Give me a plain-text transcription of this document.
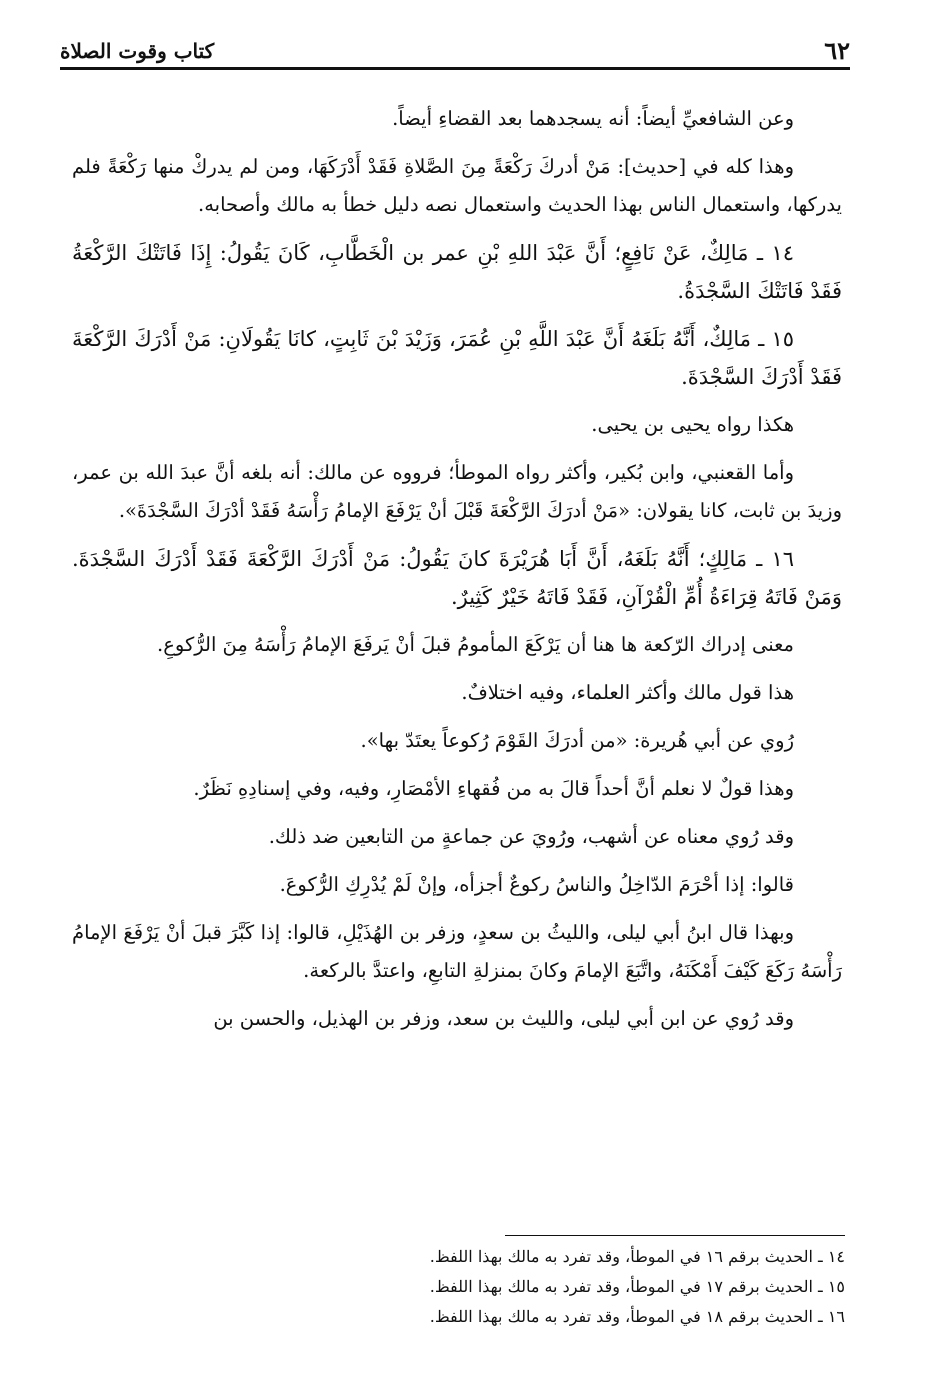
٦٢
كتاب وقوت الصلاة

وعن الشافعيِّ أيضاً: أنه يسجدهما بعد القضاءِ أيضاً.

وهذا كله في [حديث]: مَنْ أدركَ رَكْعَةً مِنَ الصَّلاةِ فَقَدْ أَدْرَكَهَا، ومن لم يدركْ منها رَكْعَةً فلم يدركها، واستعمال الناس بهذا الحديث واستعمال نصه دليل خطأ به مالك وأصحابه.

١٤ ـ مَالِكٌ، عَنْ نَافِعٍ؛ أَنَّ عَبْدَ اللهِ بْنِ عمر بن الْخَطَّابِ، كَانَ يَقُولُ: إِذَا فَاتَتْكَ الرَّكْعَةُ فَقَدْ فَاتَتْكَ السَّجْدَةُ.

١٥ ـ مَالِكٌ، أَنَّهُ بَلَغَهُ أَنَّ عَبْدَ اللَّهِ بْنِ عُمَرَ، وَزَيْدَ بْنَ ثَابِتٍ، كانَا يَقُولَانِ: مَنْ أَدْرَكَ الرَّكْعَةَ فَقَدْ أَدْرَكَ السَّجْدَةَ.

هكذا رواه يحيى بن يحيى.

وأما القعنبي، وابن بُكير، وأكثر رواه الموطأ؛ فرووه عن مالك: أنه بلغه أنَّ عبدَ الله بن عمر، وزيدَ بن ثابت، كانا يقولان: «مَنْ أدرَكَ الرَّكْعَةَ قَبْلَ أنْ يَرْفَعَ الإمامُ رَأْسَهُ فَقَدْ أدْرَكَ السَّجْدَةَ».

١٦ ـ مَالِكٍ؛ أَنَّهُ بَلَغَهُ، أَنَّ أَبَا هُرَيْرَةَ كانَ يَقُولُ: مَنْ أَدْرَكَ الرَّكْعَةَ فَقَدْ أَدْرَكَ السَّجْدَةَ. وَمَنْ فَاتَهُ قِرَاءَةُ أُمِّ الْقُرْآنِ، فَقَدْ فَاتَهُ خَيْرٌ كَثِيرٌ.

معنى إدراك الرّكعة ها هنا أن يَرْكَعَ المأمومُ قبلَ أنْ يَرفَعَ الإمامُ رَأْسَهُ مِنَ الرُّكوعِ.

هذا قول مالك وأكثر العلماء، وفيه اختلافٌ.

رُوي عن أبي هُريرة: «من أدرَكَ القَوْمَ رُكوعاً يعتَدّ بها».

وهذا قولٌ لا نعلم أنَّ أحداً قالَ به من فُقهاءِ الأمْصَارِ، وفيه، وفي إسنادِهِ نَظَرٌ.

وقد رُوي معناه عن أشهب، ورُويَ عن جماعةٍ من التابعين ضد ذلك.

قالوا: إذا أحْرَمَ الدّاخِلُ والناسُ ركوعٌ أجزأه، وإنْ لَمْ يُدْرِكِ الرُّكوعَ.

وبهذا قال ابنُ أبي ليلى، والليثُ بن سعدٍ، وزفر بن الهُذَيْلِ، قالوا: إذا كَبَّرَ قبلَ أنْ يَرْفَعَ الإمامُ رَأْسَهُ رَكَعَ كَيْفَ أَمْكَنَهُ، واتَّبَعَ الإمامَ وكانَ بمنزلةِ التابعِ، واعتدَّ بالركعة.

وقد رُوي عن ابن أبي ليلى، والليث بن سعد، وزفر بن الهذيل، والحسن بن

١٤ ـ الحديث برقم ١٦ في الموطأ، وقد تفرد به مالك بهذا اللفظ.

١٥ ـ الحديث برقم ١٧ في الموطأ، وقد تفرد به مالك بهذا اللفظ.

١٦ ـ الحديث برقم ١٨ في الموطأ، وقد تفرد به مالك بهذا اللفظ.
